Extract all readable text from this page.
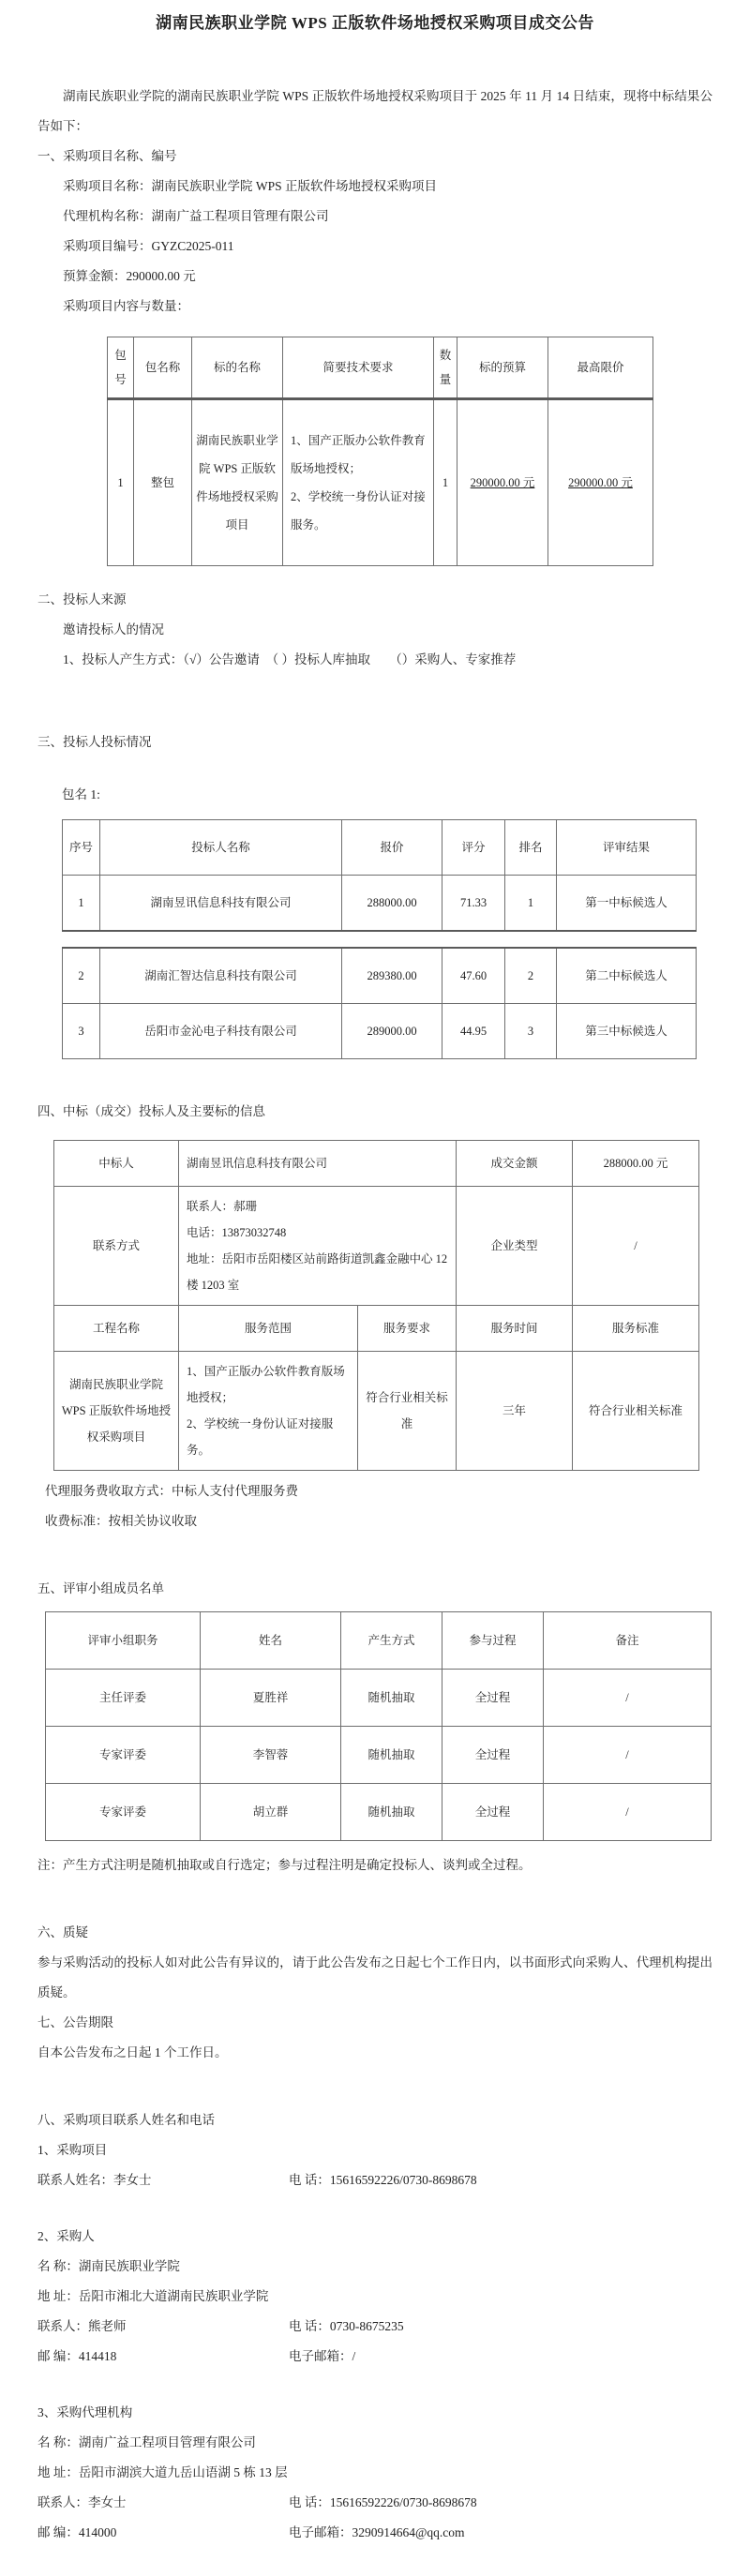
湖南民族职业学院 WPS 正版软件场地授权采购项目成交公告

湖南民族职业学院的湖南民族职业学院 WPS 正版软件场地授权采购项目于 2025 年 11 月 14 日结束，现将中标结果公告如下：

一、采购项目名称、编号

采购项目名称：湖南民族职业学院 WPS 正版软件场地授权采购项目

代理机构名称：湖南广益工程项目管理有限公司

采购项目编号：GYZC2025-011

预算金额：290000.00 元

采购项目内容与数量：

包号	包名称	标的名称	简要技术要求	数量	标的预算	最高限价
1	整包	湖南民族职业学院 WPS 正版软件场地授权采购项目	1、国产正版办公软件教育版场地授权；
2、学校统一身份认证对接服务。	1	290000.00 元	290000.00 元

二、投标人来源

邀请投标人的情况

1、投标人产生方式：（√）公告邀请　（ ）投标人库抽取　　（）采购人、专家推荐

三、投标人投标情况

包名 1:

序号	投标人名称	报价	评分	排名	评审结果
1	湖南昱讯信息科技有限公司	288000.00	71.33	1	第一中标候选人
2	湖南汇智达信息科技有限公司	289380.00	47.60	2	第二中标候选人
3	岳阳市金沁电子科技有限公司	289000.00	44.95	3	第三中标候选人

四、中标（成交）投标人及主要标的信息

中标人	湖南昱讯信息科技有限公司		成交金额	288000.00 元
联系方式	联系人：郝珊
电话：13873032748
地址：岳阳市岳阳楼区站前路街道凯鑫金融中心 12 楼 1203 室		企业类型	/
工程名称	服务范围	服务要求	服务时间	服务标准
湖南民族职业学院WPS 正版软件场地授权采购项目	1、国产正版办公软件教育版场地授权；
2、学校统一身份认证对接服务。	符合行业相关标准	三年	符合行业相关标准

代理服务费收取方式：中标人支付代理服务费

收费标准：按相关协议收取

五、评审小组成员名单

评审小组职务	姓名	产生方式	参与过程	备注
主任评委	夏胜祥	随机抽取	全过程	/
专家评委	李智蓉	随机抽取	全过程	/
专家评委	胡立群	随机抽取	全过程	/

注：产生方式注明是随机抽取或自行选定；参与过程注明是确定投标人、谈判或全过程。

六、质疑

参与采购活动的投标人如对此公告有异议的，请于此公告发布之日起七个工作日内，以书面形式向采购人、代理机构提出质疑。

七、公告期限

自本公告发布之日起 1 个工作日。

八、采购项目联系人姓名和电话

1、采购项目

联系人姓名：李女士	电 话：15616592226/0730-8698678

2、采购人

名 称：湖南民族职业学院

地 址：岳阳市湘北大道湖南民族职业学院

联系人：熊老师	电 话：0730-8675235
邮 编：414418	电子邮箱：/

3、采购代理机构

名 称：湖南广益工程项目管理有限公司

地 址：岳阳市湖滨大道九岳山语湖 5 栋 13 层

联系人：李女士	电 话：15616592226/0730-8698678
邮 编：414000	电子邮箱：3290914664@qq.com
